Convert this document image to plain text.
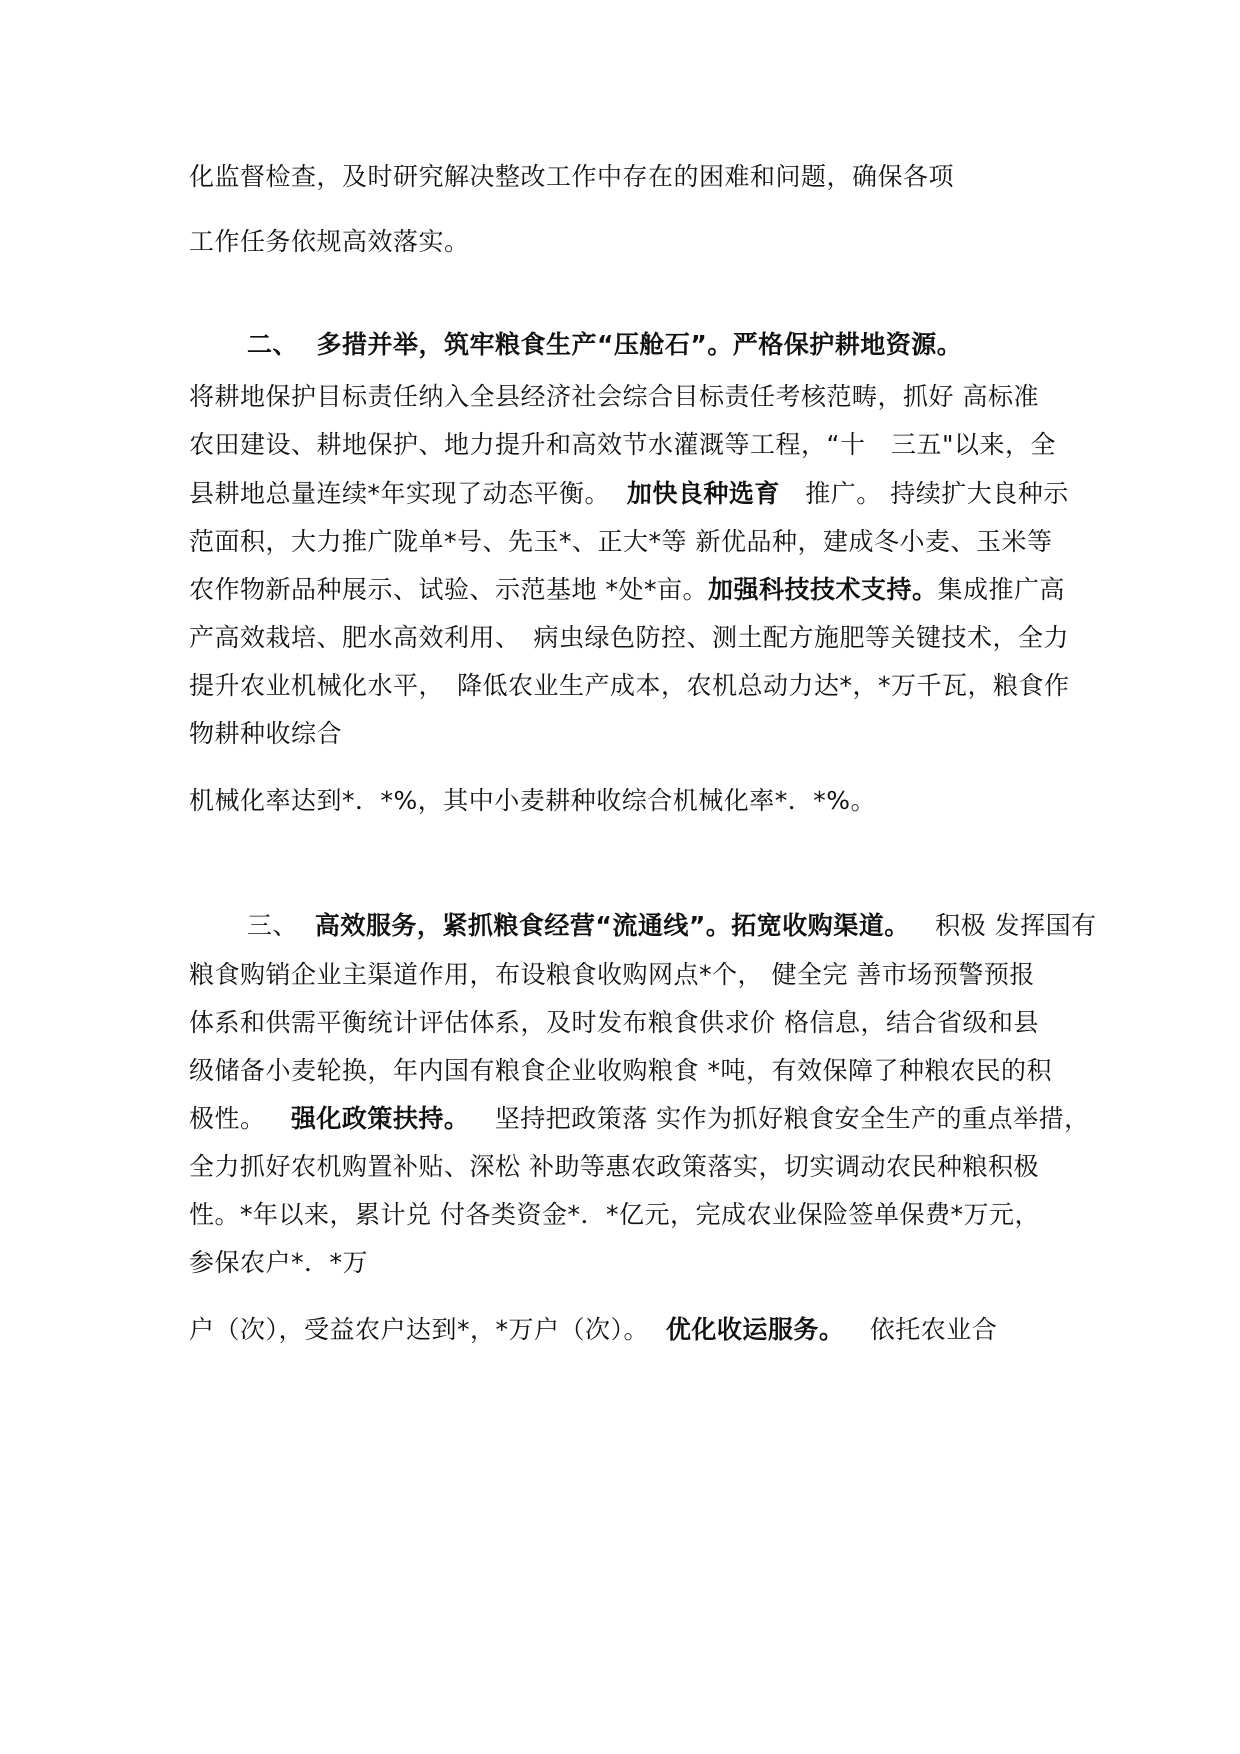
化监督检查，及时研究解决整改工作中存在的困难和问题，确保各项
工作任务依规高效落实。
二、 多措并举，筑牢粮食生产“压舱石”。严格保护耕地资源。
将耕地保护目标责任纳入全县经济社会综合目标责任考核范畴，抓好 高标准
农田建设、耕地保护、地力提升和高效节水灌溉等工程，“十　三五"以来，全
县耕地总量连续*年实现了动态平衡。 加快良种选育 推广。 持续扩大良种示
范面积，大力推广陇单*号、先玉*、正大*等 新优品种，建成冬小麦、玉米等
农作物新品种展示、试验、示范基地 *处*亩。加强科技技术支持。集成推广高
产高效栽培、肥水高效利用、　病虫绿色防控、测土配方施肥等关键技术，全力
提升农业机械化水平，　降低农业生产成本，农机总动力达*，*万千瓦，粮食作
物耕种收综合
机械化率达到*．*%，其中小麦耕种收综合机械化率*．*%。
三、 高效服务，紧抓粮食经营“流通线”。拓宽收购渠道。 积极 发挥国有
粮食购销企业主渠道作用，布设粮食收购网点*个， 健全完 善市场预警预报
体系和供需平衡统计评估体系，及时发布粮食供求价 格信息，结合省级和县
级储备小麦轮换，年内国有粮食企业收购粮食 *吨，有效保障了种粮农民的积
极性。 强化政策扶持。 坚持把政策落 实作为抓好粮食安全生产的重点举措，
全力抓好农机购置补贴、深松 补助等惠农政策落实，切实调动农民种粮积极
性。*年以来，累计兑 付各类资金*．*亿元，完成农业保险签单保费*万元，
参保农户*．*万
户（次），受益农户达到*，*万户（次）。 优化收运服务。 依托农业合
